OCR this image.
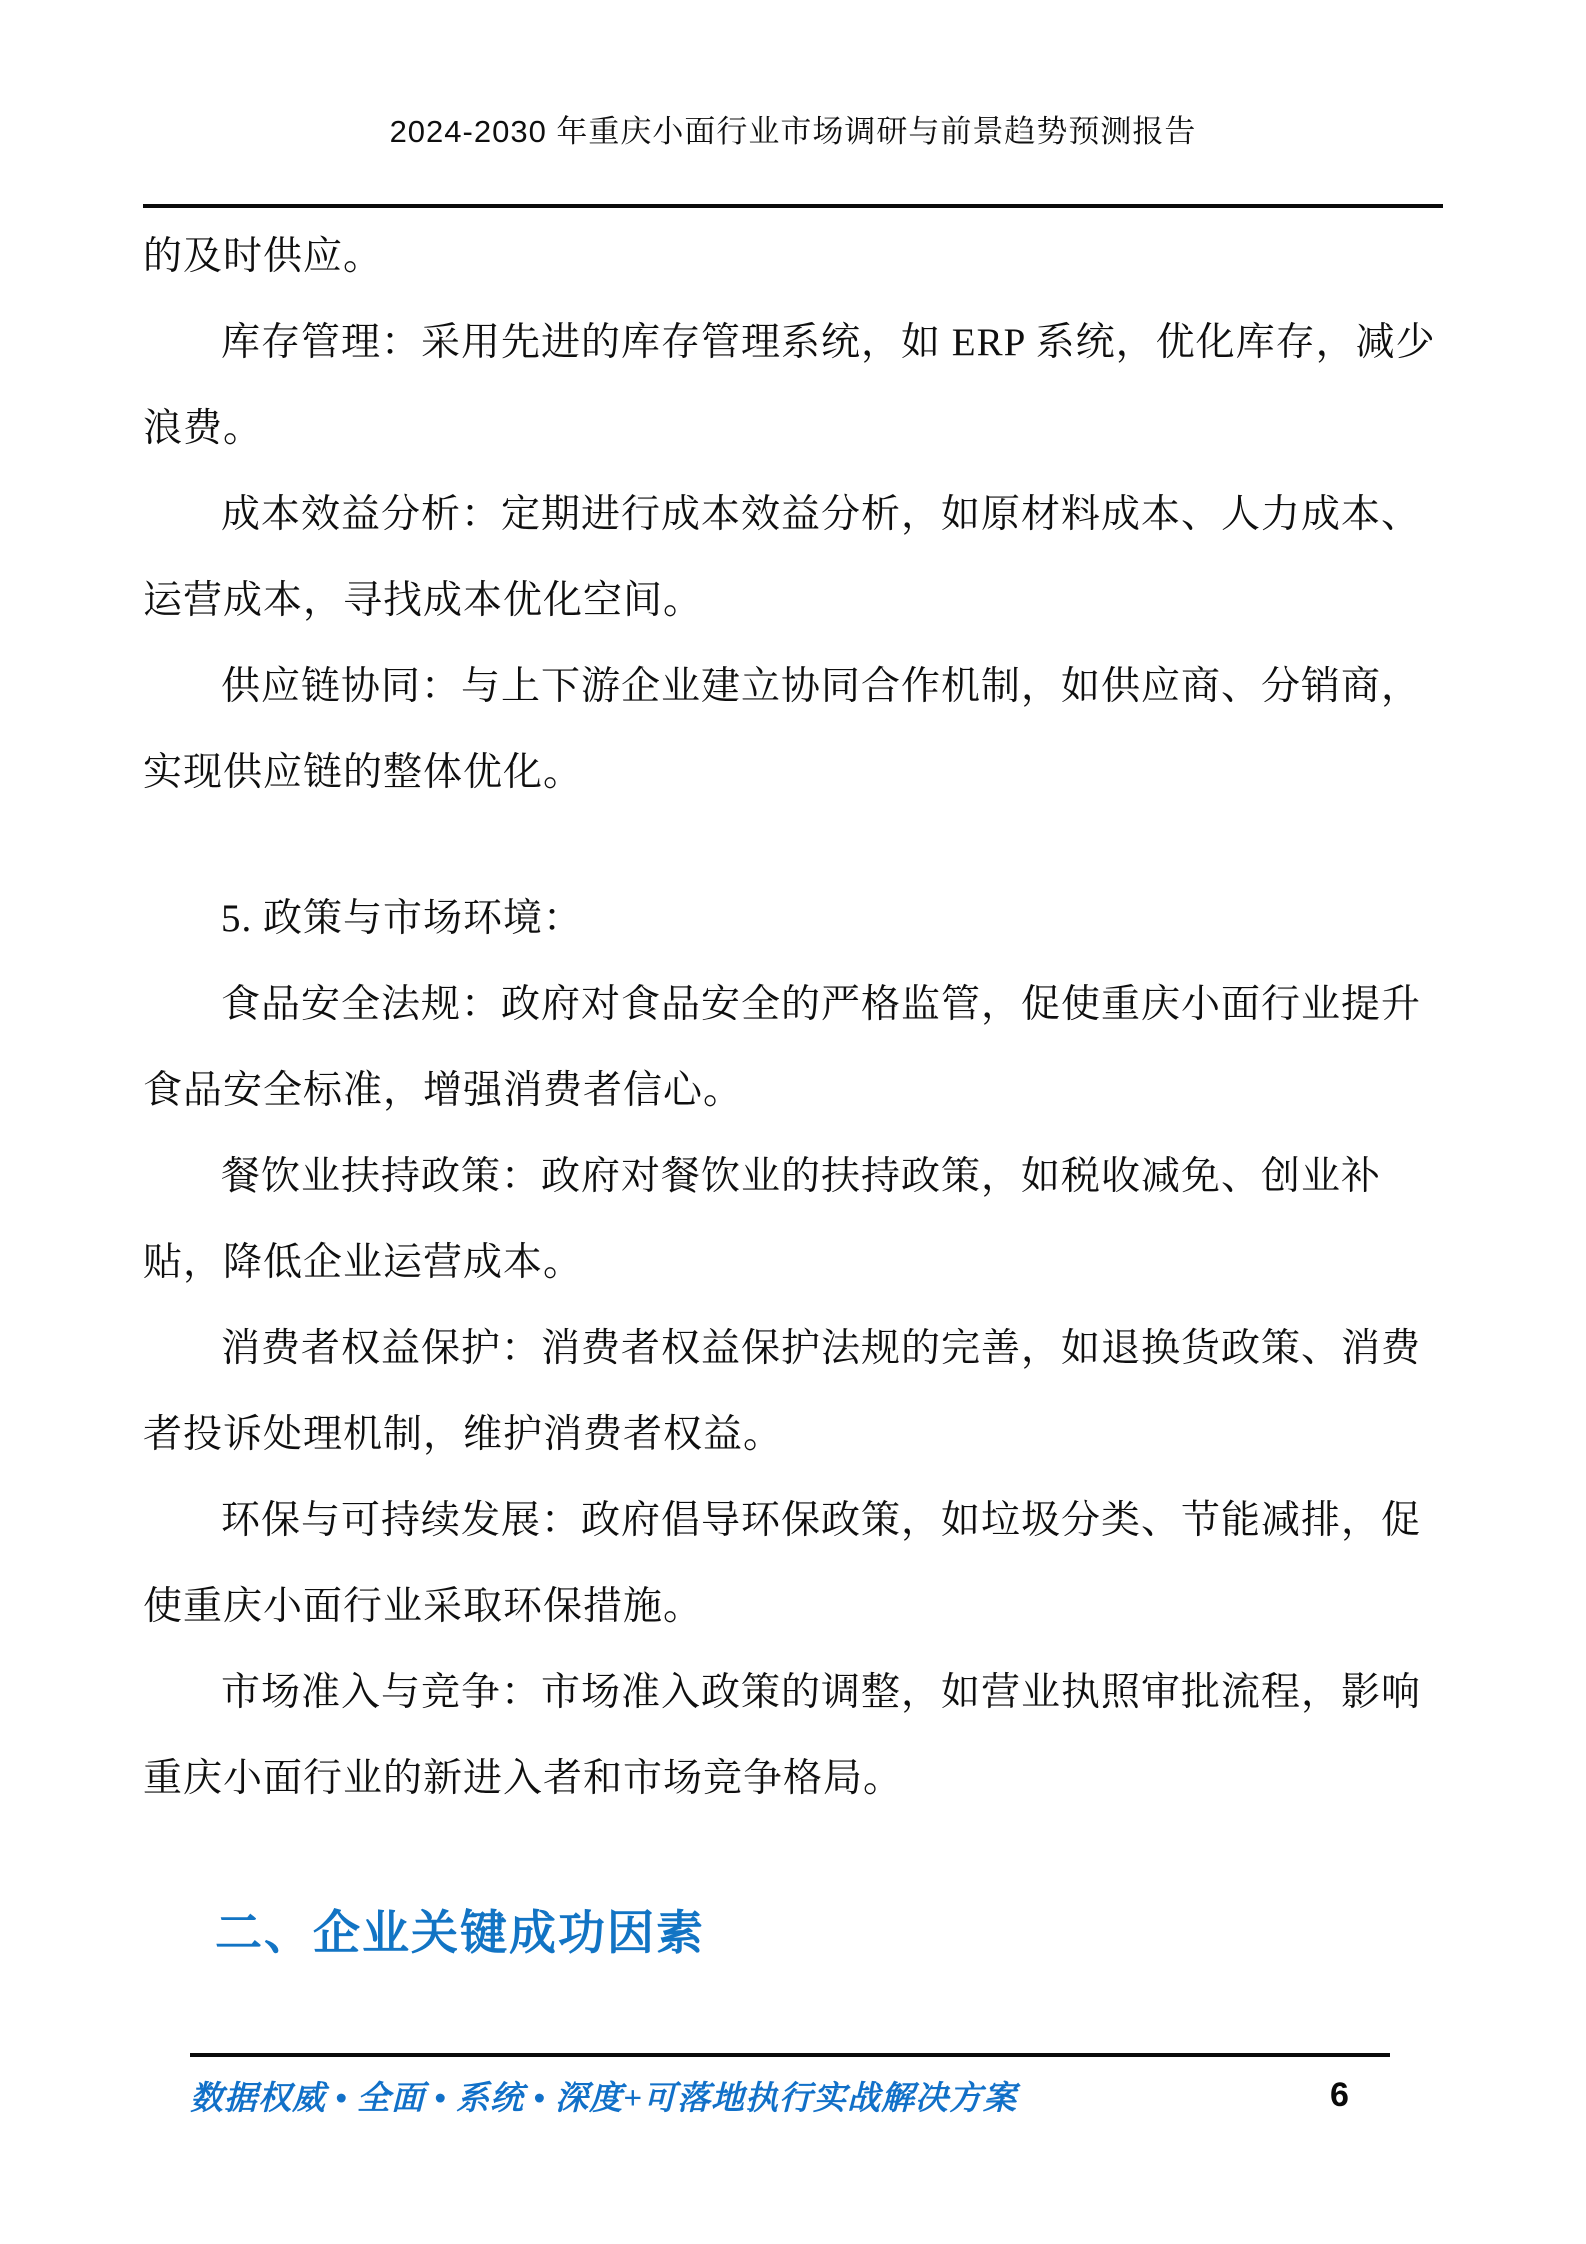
2024-2030 年重庆小面行业市场调研与前景趋势预测报告
的及时供应。
库存管理：采用先进的库存管理系统，如 ERP 系统，优化库存，减少
浪费。
成本效益分析：定期进行成本效益分析，如原材料成本、人力成本、
运营成本，寻找成本优化空间。
供应链协同：与上下游企业建立协同合作机制，如供应商、分销商，
实现供应链的整体优化。
5. 政策与市场环境：
食品安全法规：政府对食品安全的严格监管，促使重庆小面行业提升
食品安全标准，增强消费者信心。
餐饮业扶持政策：政府对餐饮业的扶持政策，如税收减免、创业补
贴，降低企业运营成本。
消费者权益保护：消费者权益保护法规的完善，如退换货政策、消费
者投诉处理机制，维护消费者权益。
环保与可持续发展：政府倡导环保政策，如垃圾分类、节能减排，促
使重庆小面行业采取环保措施。
市场准入与竞争：市场准入政策的调整，如营业执照审批流程，影响
重庆小面行业的新进入者和市场竞争格局。
二、企业关键成功因素
数据权威 • 全面 • 系统 • 深度+可落地执行实战解决方案	6
